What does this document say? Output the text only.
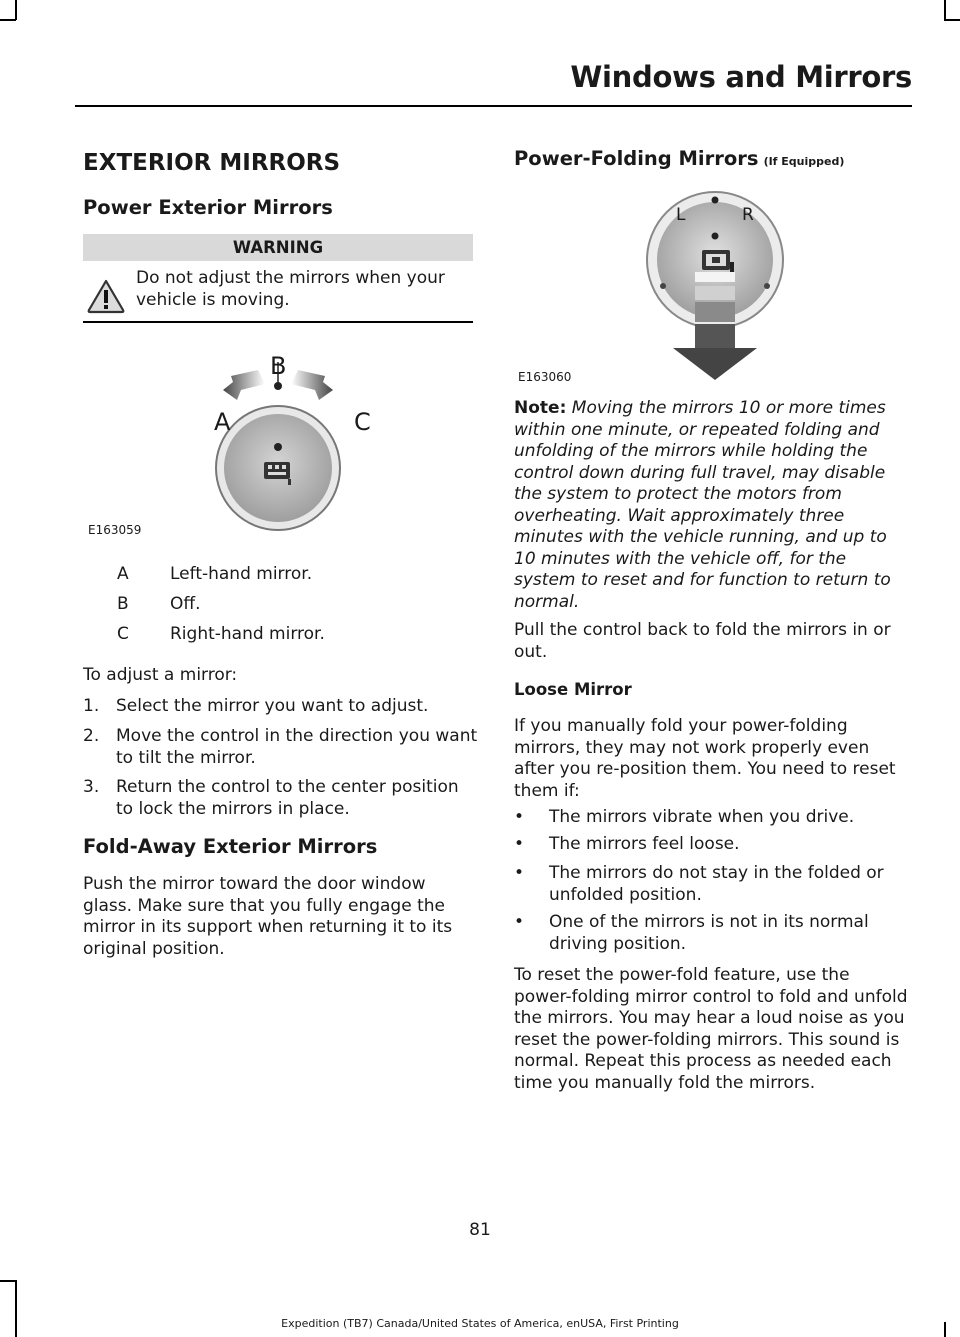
Windows and Mirrors
EXTERIOR MIRRORS
Power Exterior Mirrors
WARNING
Do not adjust the mirrors when your vehicle is moving.
B
A	C
E163059
A Left-hand mirror.
B Off.
C Right-hand mirror.

To adjust a mirror:

1. Select the mirror you want to adjust.
2. Move the control in the direction you want to tilt the mirror.
3. Return the control to the center position to lock the mirrors in place.
Fold-Away Exterior Mirrors

Push the mirror toward the door window glass. Make sure that you fully engage the mirror in its support when returning it to its original position.

Power-Folding Mirrors (If Equipped)
L	R
E163060

Note: Moving the mirrors 10 or more times within one minute, or repeated folding and unfolding of the mirrors while holding the control down during full travel, may disable the system to protect the motors from overheating. Wait approximately three minutes with the vehicle running, and up to 10 minutes with the vehicle off, for the system to reset and for function to return to normal.

Pull the control back to fold the mirrors in or out.

Loose Mirror

If you manually fold your power-folding mirrors, they may not work properly even after you re-position them. You need to reset them if:

• The mirrors vibrate when you drive.
• The mirrors feel loose.
• The mirrors do not stay in the folded or unfolded position.
• One of the mirrors is not in its normal driving position.

To reset the power-fold feature, use the power-folding mirror control to fold and unfold the mirrors. You may hear a loud noise as you reset the power-folding mirrors. This sound is normal. Repeat this process as needed each time you manually fold the mirrors.

81
Expedition (TB7) Canada/United States of America, enUSA, First Printing
